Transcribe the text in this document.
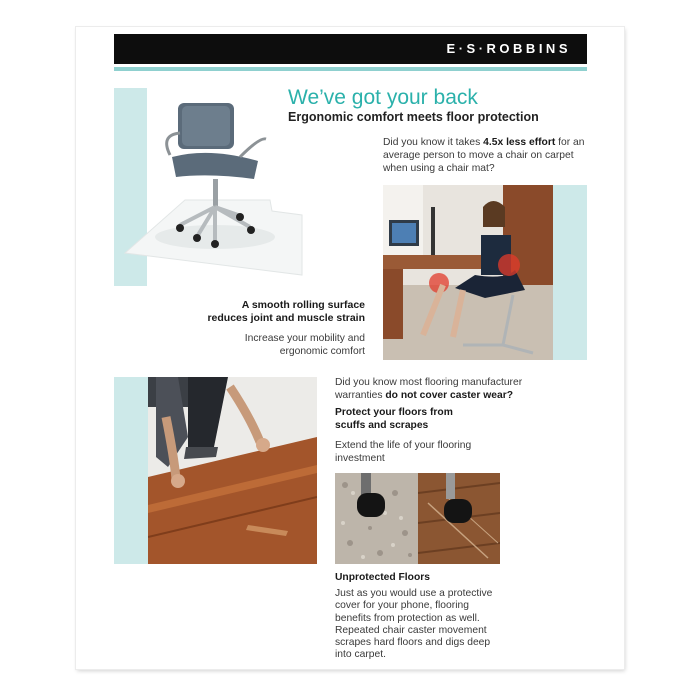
E·S·ROBBINS
We’ve got your back
Ergonomic comfort meets floor protection
Did you know it takes 4.5x less effort for an average person to move a chair on carpet when using a chair mat?
A smooth rolling surface
reduces joint and muscle strain
Increase your mobility and
ergonomic comfort
Did you know most flooring manufacturer warranties do not cover caster wear?
Protect your floors from
scuffs and scrapes
Extend the life of your flooring
investment
Unprotected Floors
Just as you would use a protective cover for your phone, flooring benefits from protection as well. Repeated chair caster movement scrapes hard floors and digs deep into carpet.
